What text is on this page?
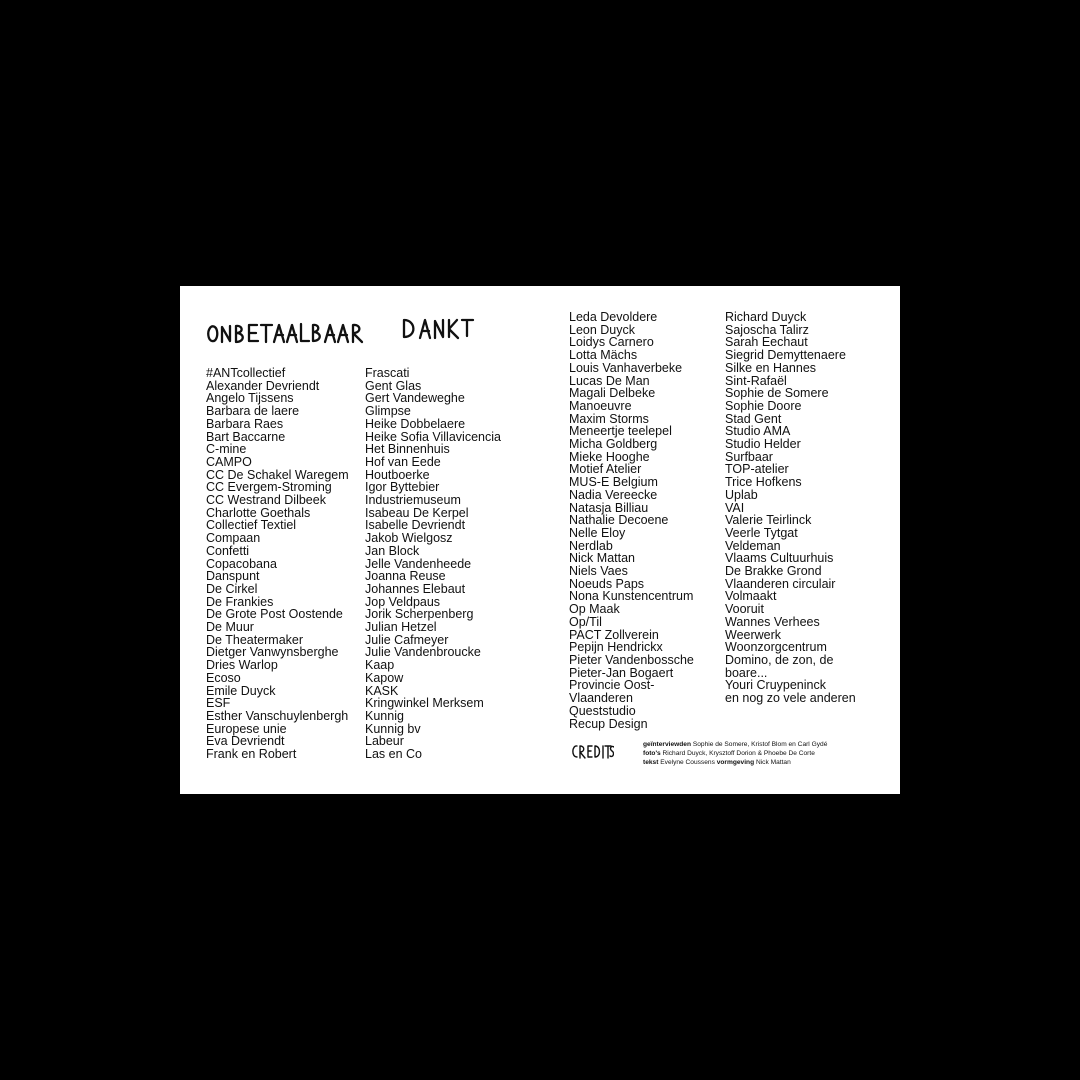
#ANTcollectief
Alexander Devriendt
Angelo Tijssens
Barbara de laere
Barbara Raes
Bart Baccarne
C-mine
CAMPO
CC De Schakel Waregem
CC Evergem-Stroming
CC Westrand Dilbeek
Charlotte Goethals
Collectief Textiel
Compaan
Confetti
Copacobana
Danspunt
De Cirkel
De Frankies
De Grote Post Oostende
De Muur
De Theatermaker
Dietger Vanwynsberghe
Dries Warlop
Ecoso
Emile Duyck
ESF
Esther Vanschuylenbergh
Europese unie
Eva Devriendt
Frank en Robert
Frascati
Gent Glas
Gert Vandeweghe
Glimpse
Heike Dobbelaere
Heike Sofia Villavicencia
Het Binnenhuis
Hof van Eede
Houtboerke
Igor Byttebier
Industriemuseum
Isabeau De Kerpel
Isabelle Devriendt
Jakob Wielgosz
Jan Block
Jelle Vandenheede
Joanna Reuse
Johannes Elebaut
Jop Veldpaus
Jorik Scherpenberg
Julian Hetzel
Julie Cafmeyer
Julie Vandenbroucke
Kaap
Kapow
KASK
Kringwinkel Merksem
Kunnig
Kunnig bv
Labeur
Las en Co
Leda Devoldere
Leon Duyck
Loidys Carnero
Lotta Mächs
Louis Vanhaverbeke
Lucas De Man
Magali Delbeke
Manoeuvre
Maxim Storms
Meneertje teelepel
Micha Goldberg
Mieke Hooghe
Motief Atelier
MUS-E Belgium
Nadia Vereecke
Natasja Billiau
Nathalie Decoene
Nelle Eloy
Nerdlab
Nick Mattan
Niels Vaes
Noeuds Paps
Nona Kunstencentrum
Op Maak
Op/Til
PACT Zollverein
Pepijn Hendrickx
Pieter Vandenbossche
Pieter-Jan Bogaert
Provincie Oost-Vlaanderen
Queststudio
Recup Design
Richard Duyck
Sajoscha Talirz
Sarah Eechaut
Siegrid Demyttenaere
Silke en Hannes
Sint-Rafaël
Sophie de Somere
Sophie Doore
Stad Gent
Studio AMA
Studio Helder
Surfbaar
TOP-atelier
Trice Hofkens
Uplab
VAI
Valerie Teirlinck
Veerle Tytgat
Veldeman
Vlaams Cultuurhuis
De Brakke Grond
Vlaanderen circulair
Volmaakt
Vooruit
Wannes Verhees
Weerwerk
Woonzorgcentrum
Domino, de zon, de boare...
Youri Cruypeninck
en nog zo vele anderen
geïnterviewden Sophie de Somere, Kristof Blom en Carl Gydé
foto's Richard Duyck, Krysztoff Dorion & Phoebe De Corte
tekst Evelyne Coussens vormgeving Nick Mattan
